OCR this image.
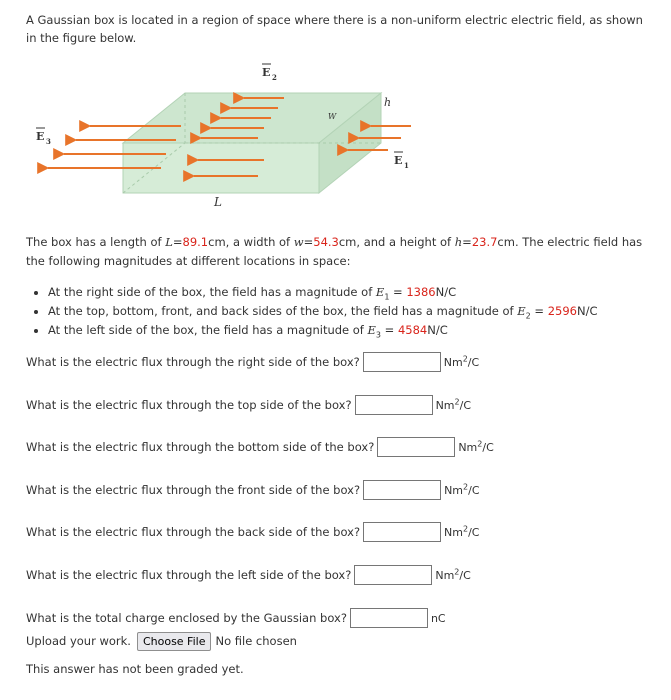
A Gaussian box is located in a region of space where there is a non-uniform electric electric field, as shown in the figure below.
E 2
E 3
E 1
h
W
L
The box has a length of L=89.1cm, a width of w=54.3cm, and a height of h=23.7cm. The electric field has the following magnitudes at different locations in space:
• At the right side of the box, the field has a magnitude of $E_1 = 1386N/C$
• At the top, bottom, front, and back sides of the box, the field has a magnitude of $E_2 = 2596N/C$
• At the left side of the box, the field has a magnitude of $E_3 = 4584N/C$
What is the electric flux through the right side of the box?	Nm$^2$/C
What is the electric flux through the top side of the box?	Nm$^2$/C
What is the electric flux through the bottom side of the box?	Nm$^2$/C
What is the electric flux through the front side of the box?	Nm$^2$/C
What is the electric flux through the back side of the box?	Nm$^2$/C
What is the electric flux through the left side of the box?	Nm$^2$/C
What is the total charge enclosed by the Gaussian box?	nC
Upload your work.	Choose File No file chosen
This answer has not been graded yet.
